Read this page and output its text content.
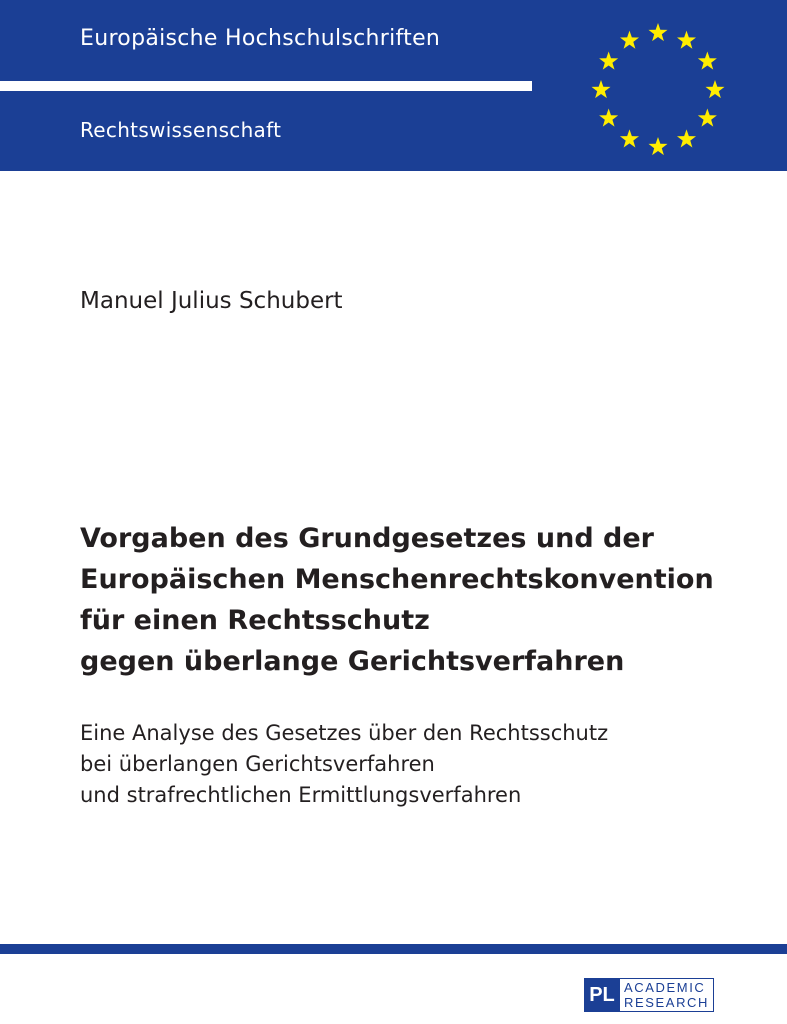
Europäische Hochschulschriften
Rechtswissenschaft
Manuel Julius Schubert
Vorgaben des Grundgesetzes und der
Europäischen Menschenrechtskonvention
für einen Rechtsschutz
gegen überlange Gerichtsverfahren
Eine Analyse des Gesetzes über den Rechtsschutz
bei überlangen Gerichtsverfahren
und strafrechtlichen Ermittlungsverfahren
PL ACADEMIC
RESEARCH
